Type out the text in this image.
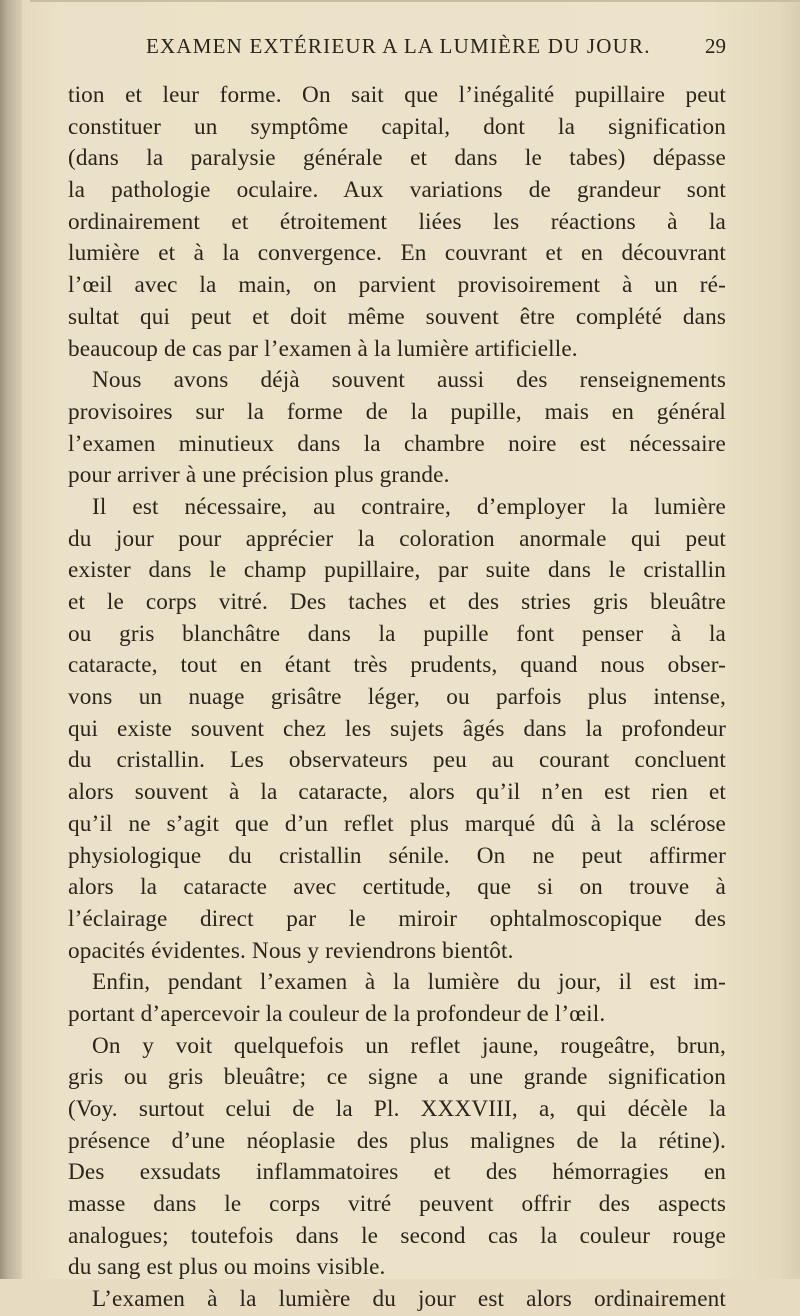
EXAMEN EXTÉRIEUR A LA LUMIÈRE DU JOUR.	29
tion et leur forme. On sait que l’inégalité pupillaire peut
constituer un symptôme capital, dont la signification
(dans la paralysie générale et dans le tabes) dépasse
la pathologie oculaire. Aux variations de grandeur sont
ordinairement et étroitement liées les réactions à la
lumière et à la convergence. En couvrant et en découvrant
l’œil avec la main, on parvient provisoirement à un ré-
sultat qui peut et doit même souvent être complété dans
beaucoup de cas par l’examen à la lumière artificielle.
Nous avons déjà souvent aussi des renseignements
provisoires sur la forme de la pupille, mais en général
l’examen minutieux dans la chambre noire est nécessaire
pour arriver à une précision plus grande.
Il est nécessaire, au contraire, d’employer la lumière
du jour pour apprécier la coloration anormale qui peut
exister dans le champ pupillaire, par suite dans le cristallin
et le corps vitré. Des taches et des stries gris bleuâtre
ou gris blanchâtre dans la pupille font penser à la
cataracte, tout en étant très prudents, quand nous obser-
vons un nuage grisâtre léger, ou parfois plus intense,
qui existe souvent chez les sujets âgés dans la profondeur
du cristallin. Les observateurs peu au courant concluent
alors souvent à la cataracte, alors qu’il n’en est rien et
qu’il ne s’agit que d’un reflet plus marqué dû à la sclérose
physiologique du cristallin sénile. On ne peut affirmer
alors la cataracte avec certitude, que si on trouve à
l’éclairage direct par le miroir ophtalmoscopique des
opacités évidentes. Nous y reviendrons bientôt.
Enfin, pendant l’examen à la lumière du jour, il est im-
portant d’apercevoir la couleur de la profondeur de l’œil.
On y voit quelquefois un reflet jaune, rougeâtre, brun,
gris ou gris bleuâtre; ce signe a une grande signification
(Voy. surtout celui de la Pl. XXXVIII, a, qui décèle la
présence d’une néoplasie des plus malignes de la rétine).
Des exsudats inflammatoires et des hémorragies en
masse dans le corps vitré peuvent offrir des aspects
analogues; toutefois dans le second cas la couleur rouge
du sang est plus ou moins visible.
L’examen à la lumière du jour est alors ordinairement
